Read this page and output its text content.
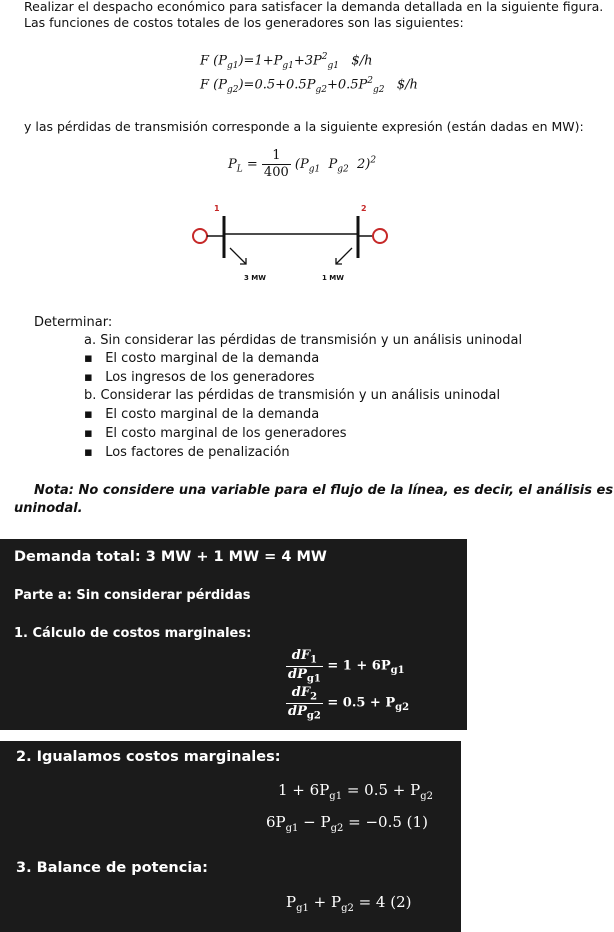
Realizar el despacho económico para satisfacer la demanda detallada en la siguiente figura.
Las funciones de costos totales de los generadores son las siguientes:
F $(P_{g1})=1+P_{g1}+3P^2_{g1}$ $/h
F $(P_{g2})=0.5+0.5P_{g2}+0.5P^2_{g2}$ $/h
y las pérdidas de transmisión corresponde a la siguiente expresión (están dadas en MW):
$P_L = \frac{1}{400} (P_{g1}$ $P_{g2}$ 2)$^2$
1	2
3 MW	1 MW
Determinar:
a. Sin considerar las pérdidas de transmisión y un análisis uninodal
▪ El costo marginal de la demanda
▪ Los ingresos de los generadores
b. Considerar las pérdidas de transmisión y un análisis uninodal
▪ El costo marginal de la demanda
▪ El costo marginal de los generadores
▪ Los factores de penalización
Nota: No considere una variable para el flujo de la línea, es decir, el análisis es
uninodal.
Demanda total: 3 MW + 1 MW = 4 MW
Parte a: Sin considerar pérdidas
1. Cálculo de costos marginales:
$\frac{dF_1}{dP_{g1}} = 1 + 6P_{g1}$
$\frac{dF_2}{dP_{g2}} = 0.5 + P_{g2}$
2. Igualamos costos marginales:
$1 + 6P_{g1} = 0.5 + P_{g2}$
$6P_{g1} - P_{g2} = -0.5$ (1)
3. Balance de potencia:
$P_{g1} + P_{g2} = 4$ (2)
